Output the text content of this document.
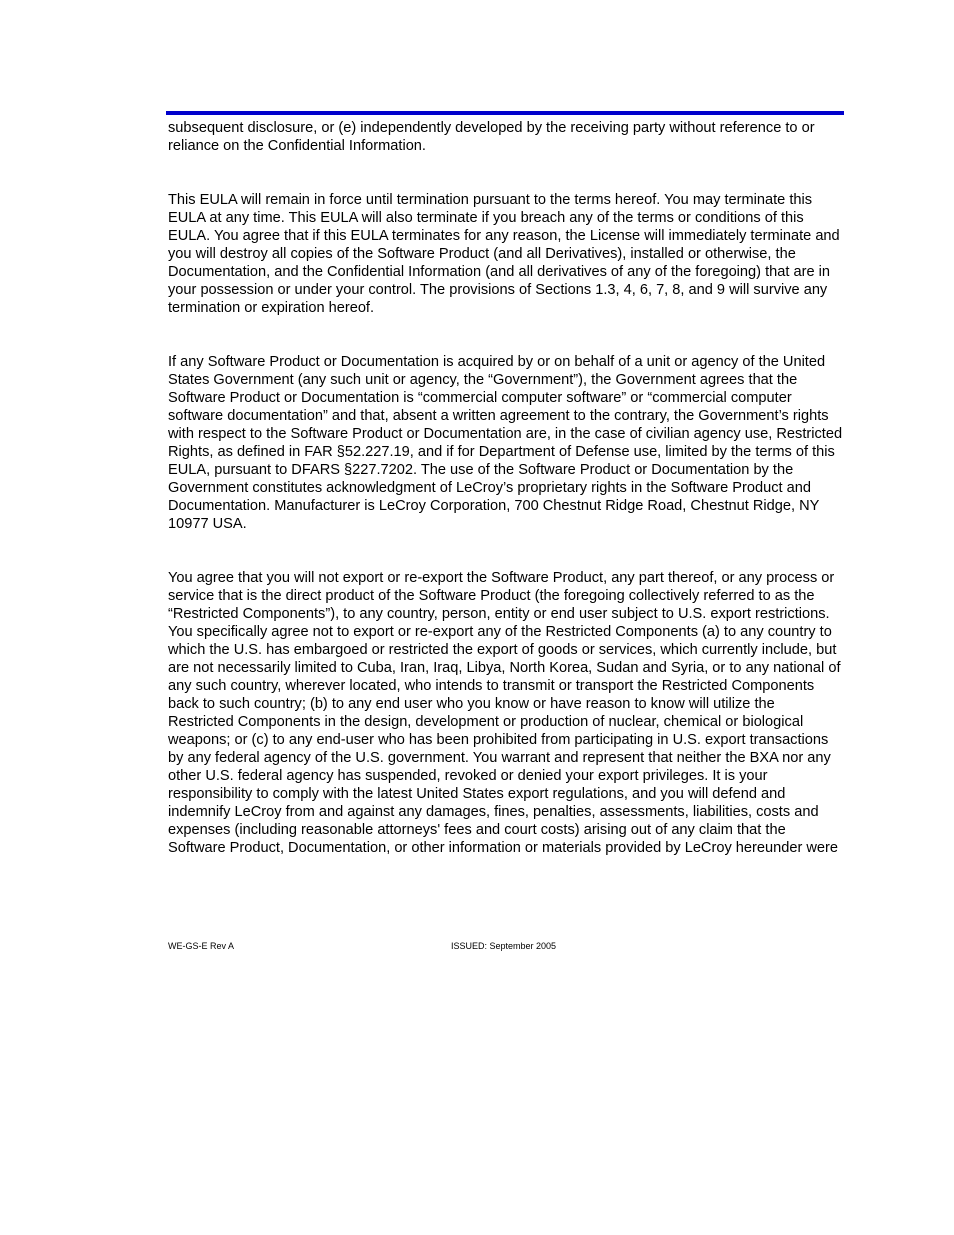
subsequent disclosure, or (e) independently developed by the receiving party without reference to or reliance on the Confidential Information.

This EULA will remain in force until termination pursuant to the terms hereof. You may terminate this EULA at any time. This EULA will also terminate if you breach any of the terms or conditions of this EULA. You agree that if this EULA terminates for any reason, the License will immediately terminate and you will destroy all copies of the Software Product (and all Derivatives), installed or otherwise, the Documentation, and the Confidential Information (and all derivatives of any of the foregoing) that are in your possession or under your control. The provisions of Sections 1.3, 4, 6, 7, 8, and 9 will survive any termination or expiration hereof.

If any Software Product or Documentation is acquired by or on behalf of a unit or agency of the United States Government (any such unit or agency, the “Government”), the Government agrees that the Software Product or Documentation is “commercial computer software” or “commercial computer software documentation” and that, absent a written agreement to the contrary, the Government’s rights with respect to the Software Product or Documentation are, in the case of civilian agency use, Restricted Rights, as defined in FAR §52.227.19, and if for Department of Defense use, limited by the terms of this EULA, pursuant to DFARS §227.7202. The use of the Software Product or Documentation by the Government constitutes acknowledgment of LeCroy’s proprietary rights in the Software Product and Documentation. Manufacturer is LeCroy Corporation, 700 Chestnut Ridge Road, Chestnut Ridge, NY 10977 USA.

You agree that you will not export or re-export the Software Product, any part thereof, or any process or service that is the direct product of the Software Product (the foregoing collectively referred to as the “Restricted Components”), to any country, person, entity or end user subject to U.S. export restrictions. You specifically agree not to export or re-export any of the Restricted Components (a) to any country to which the U.S. has embargoed or restricted the export of goods or services, which currently include, but are not necessarily limited to Cuba, Iran, Iraq, Libya, North Korea, Sudan and Syria, or to any national of any such country, wherever located, who intends to transmit or transport the Restricted Components back to such country; (b) to any end user who you know or have reason to know will utilize the Restricted Components in the design, development or production of nuclear, chemical or biological weapons; or (c) to any end-user who has been prohibited from participating in U.S. export transactions by any federal agency of the U.S. government. You warrant and represent that neither the BXA nor any other U.S. federal agency has suspended, revoked or denied your export privileges. It is your responsibility to comply with the latest United States export regulations, and you will defend and indemnify LeCroy from and against any damages, fines, penalties, assessments, liabilities, costs and expenses (including reasonable attorneys' fees and court costs) arising out of any claim that the Software Product, Documentation, or other information or materials provided by LeCroy hereunder were

WE-GS-E Rev A	ISSUED: September 2005
